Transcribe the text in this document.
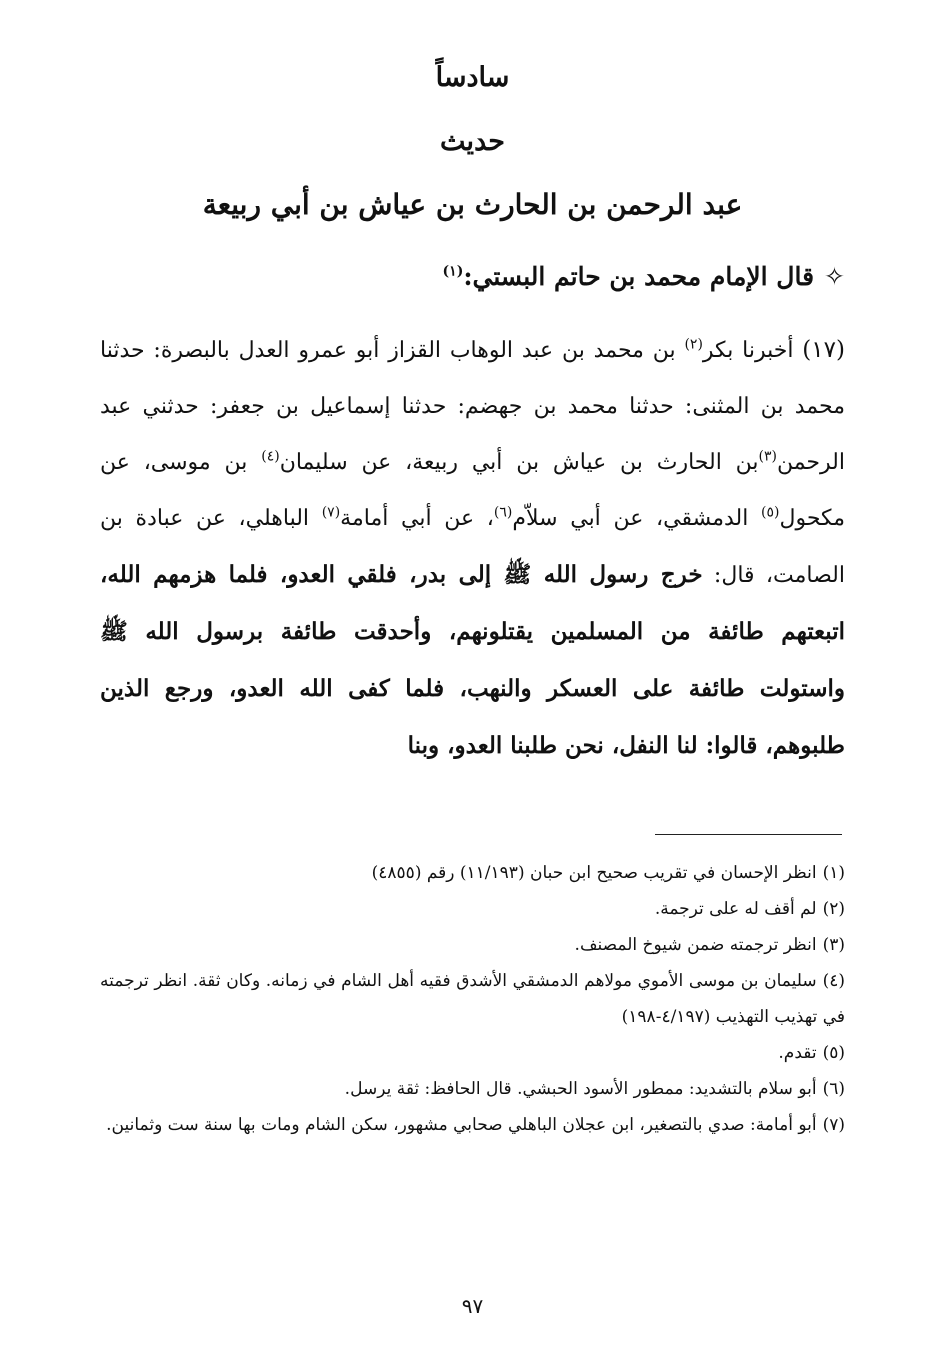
سادساً
حديث
عبد الرحمن بن الحارث بن عياش بن أبي ربيعة
✧قال الإمام محمد بن حاتم البستي:$^{(١)}$

(١٧) أخبرنا بكر$^{(٢)}$ بن محمد بن عبد الوهاب القزاز أبو عمرو العدل بالبصرة: حدثنا محمد بن المثنى: حدثنا محمد بن جهضم: حدثنا إسماعيل بن جعفر: حدثني عبد الرحمن$^{(٣)}$بن الحارث بن عياش بن أبي ربيعة، عن سليمان$^{(٤)}$ بن موسى، عن مكحول$^{(٥)}$ الدمشقي، عن أبي سلاّم$^{(٦)}$، عن أبي أمامة$^{(٧)}$ الباهلي، عن عبادة بن الصامت، قال: خرج رسول الله ﷺ إلى بدر، فلقي العدو، فلما هزمهم الله، اتبعتهم طائفة من المسلمين يقتلونهم، وأحدقت طائفة برسول الله ﷺ واستولت طائفة على العسكر والنهب، فلما كفى الله العدو، ورجع الذين طلبوهم، قالوا: لنا النفل، نحن طلبنا العدو، وبنا

(١)انظر الإحسان في تقريب صحيح ابن حبان (١١/١٩٣) رقم (٤٨٥٥)
(٢)لم أقف له على ترجمة.
(٣)انظر ترجمته ضمن شيوخ المصنف.
(٤)سليمان بن موسى الأموي مولاهم الدمشقي الأشدق فقيه أهل الشام في زمانه. وكان ثقة. انظر ترجمته في تهذيب التهذيب (٤/١٩٧-١٩٨)
(٥)تقدم.
(٦)أبو سلام بالتشديد: ممطور الأسود الحبشي. قال الحافظ: ثقة يرسل.
(٧)أبو أمامة: صدي بالتصغير، ابن عجلان الباهلي صحابي مشهور، سكن الشام ومات بها سنة ست وثمانين.
٩٧
